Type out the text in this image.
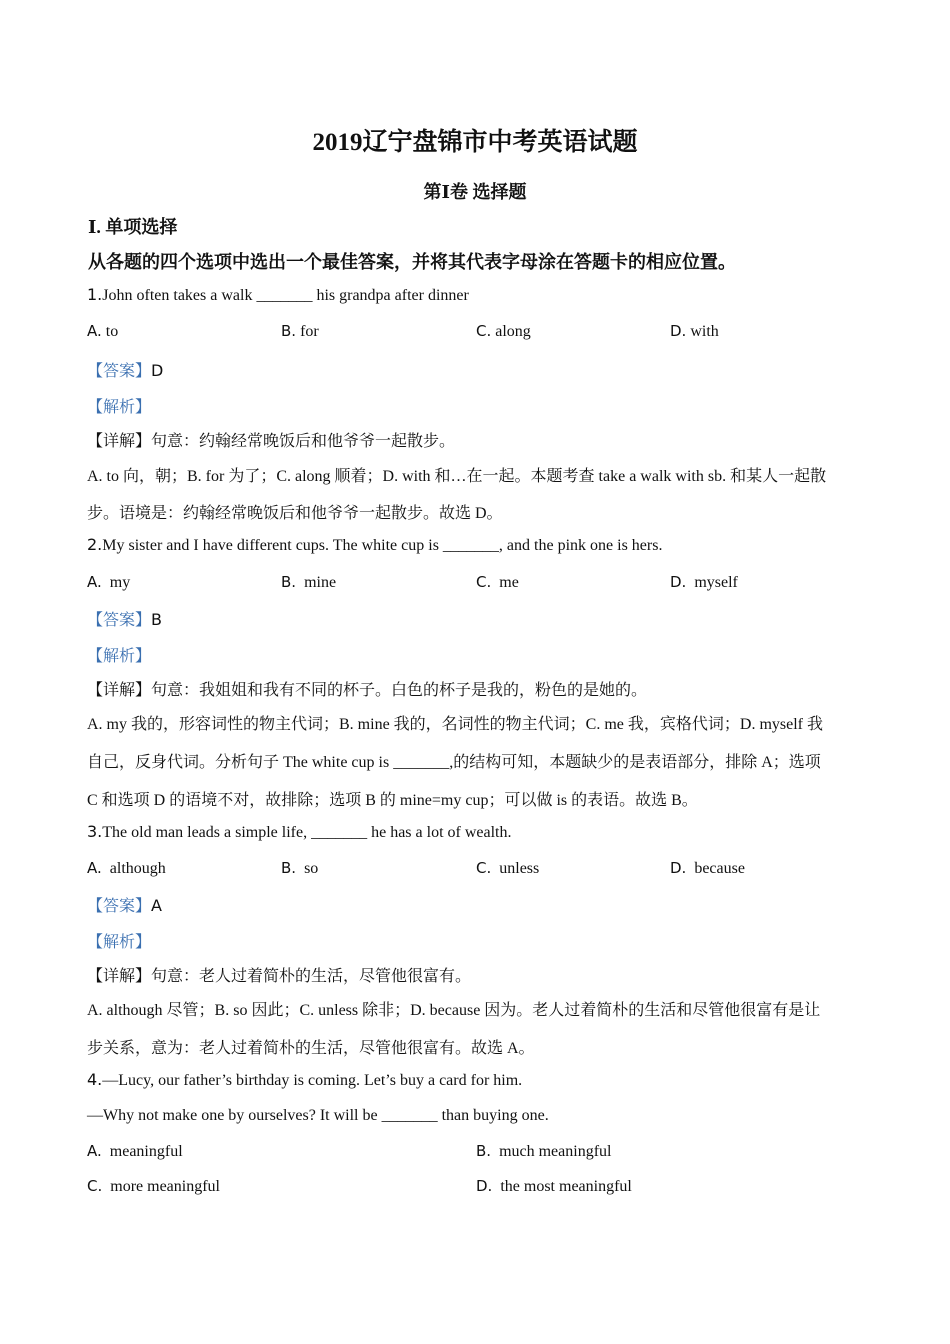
2019辽宁盘锦市中考英语试题
第Ⅰ卷 选择题
Ⅰ. 单项选择
从各题的四个选项中选出一个最佳答案，并将其代表字母涂在答题卡的相应位置。
1.John often takes a walk _______ his grandpa after dinner
A. to	B. for	C. along	D. with
【答案】D
【解析】
【详解】句意：约翰经常晚饭后和他爷爷一起散步。
A. to 向，朝；B. for 为了；C. along 顺着；D. with 和…在一起。本题考查 take a walk with sb. 和某人一起散
步。语境是：约翰经常晚饭后和他爷爷一起散步。故选 D。
2.My sister and I have different cups. The white cup is _______, and the pink one is hers.
A. my	B. mine	C. me	D. myself
【答案】B
【解析】
【详解】句意：我姐姐和我有不同的杯子。白色的杯子是我的，粉色的是她的。
A. my 我的，形容词性的物主代词；B. mine 我的，名词性的物主代词；C. me 我，宾格代词；D. myself 我
自己，反身代词。分析句子 The white cup is _______,的结构可知，本题缺少的是表语部分，排除 A；选项
C 和选项 D 的语境不对，故排除；选项 B 的 mine=my cup；可以做 is 的表语。故选 B。
3.The old man leads a simple life, _______ he has a lot of wealth.
A. although	B. so	C. unless	D. because
【答案】A
【解析】
【详解】句意：老人过着简朴的生活，尽管他很富有。
A. although 尽管；B. so 因此；C. unless 除非；D. because 因为。老人过着简朴的生活和尽管他很富有是让
步关系，意为：老人过着简朴的生活，尽管他很富有。故选 A。
4.—Lucy, our father’s birthday is coming. Let’s buy a card for him.
—Why not make one by ourselves? It will be _______ than buying one.
A. meaningful	B. much meaningful
C. more meaningful	D. the most meaningful
